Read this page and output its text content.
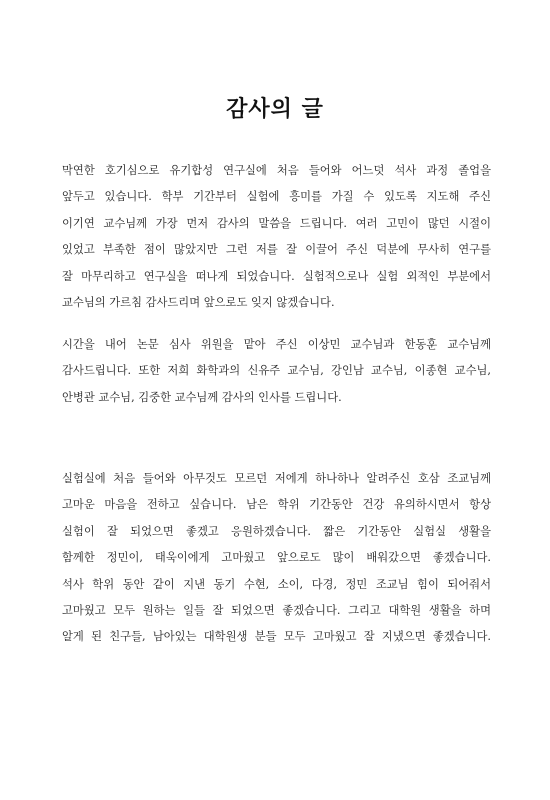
감사의 글
막연한 호기심으로 유기합성 연구실에 처음 들어와 어느덧 석사 과정 졸업을
앞두고 있습니다. 학부 기간부터 실험에 흥미를 가질 수 있도록 지도해 주신
이기연 교수님께 가장 먼저 감사의 말씀을 드립니다. 여러 고민이 많던 시절이
있었고 부족한 점이 많았지만 그런 저를 잘 이끌어 주신 덕분에 무사히 연구를
잘 마무리하고 연구실을 떠나게 되었습니다. 실험적으로나 실험 외적인 부분에서
교수님의 가르침 감사드리며 앞으로도 잊지 않겠습니다.
시간을 내어 논문 심사 위원을 맡아 주신 이상민 교수님과 한동훈 교수님께
감사드립니다. 또한 저희 화학과의 신유주 교수님, 강인남 교수님, 이종현 교수님,
안병관 교수님, 김중한 교수님께 감사의 인사를 드립니다.
실험실에 처음 들어와 아무것도 모르던 저에게 하나하나 알려주신 호삼 조교님께
고마운 마음을 전하고 싶습니다. 남은 학위 기간동안 건강 유의하시면서 항상
실험이 잘 되었으면 좋겠고 응원하겠습니다. 짧은 기간동안 실험실 생활을
함께한 정민이, 태욱이에게 고마웠고 앞으로도 많이 배워갔으면 좋겠습니다.
석사 학위 동안 같이 지낸 동기 수현, 소이, 다경, 정민 조교님 힘이 되어줘서
고마웠고 모두 원하는 일들 잘 되었으면 좋겠습니다. 그리고 대학원 생활을 하며
알게 된 친구들, 남아있는 대학원생 분들 모두 고마웠고 잘 지냈으면 좋겠습니다.
